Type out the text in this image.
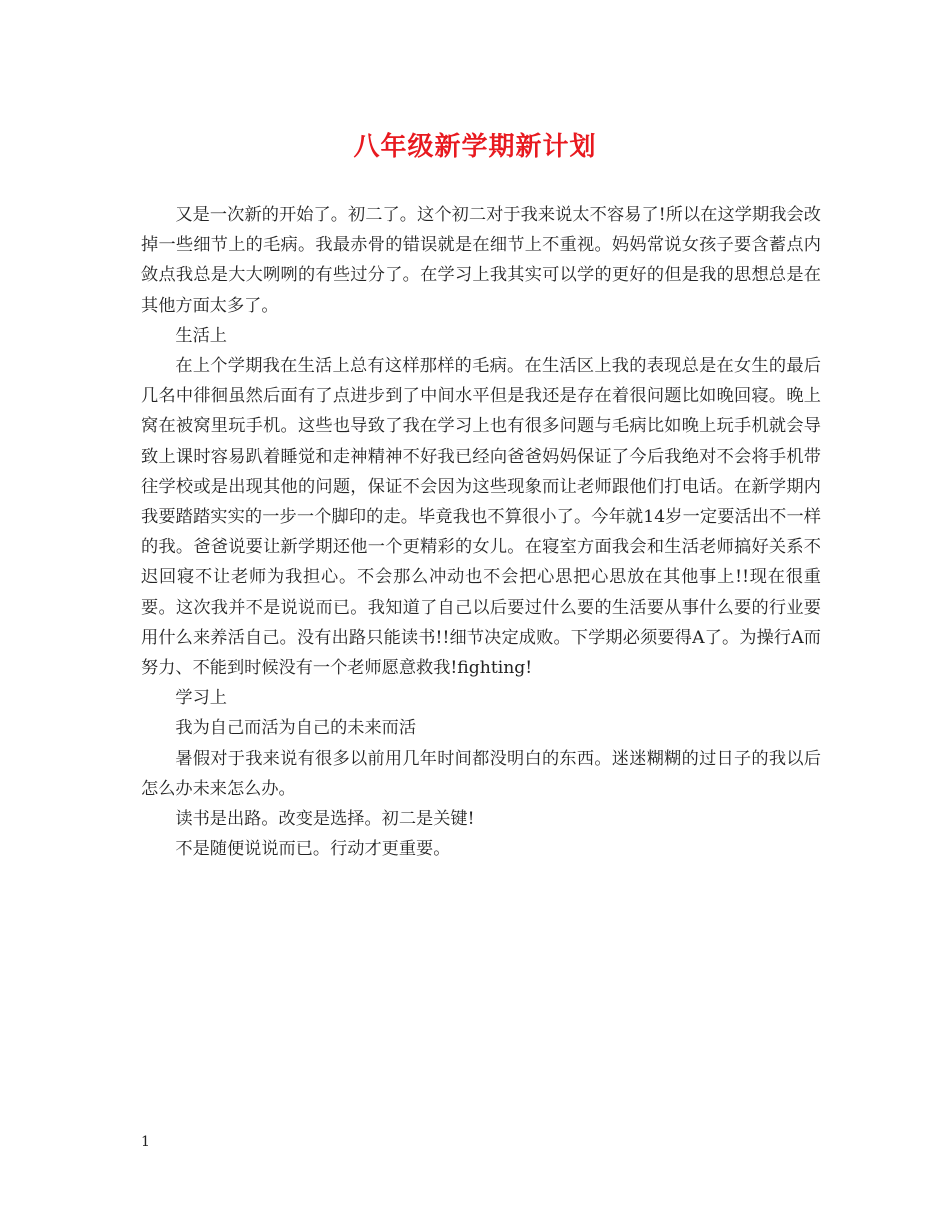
八年级新学期新计划

又是一次新的开始了。初二了。这个初二对于我来说太不容易了!所以在这学期我会改掉一些细节上的毛病。我最赤骨的错误就是在细节上不重视。妈妈常说女孩子要含蓄点内敛点我总是大大咧咧的有些过分了。在学习上我其实可以学的更好的但是我的思想总是在其他方面太多了。

生活上

在上个学期我在生活上总有这样那样的毛病。在生活区上我的表现总是在女生的最后几名中徘徊虽然后面有了点进步到了中间水平但是我还是存在着很问题比如晚回寝。晚上窝在被窝里玩手机。这些也导致了我在学习上也有很多问题与毛病比如晚上玩手机就会导致上课时容易趴着睡觉和走神精神不好我已经向爸爸妈妈保证了今后我绝对不会将手机带往学校或是出现其他的问题，保证不会因为这些现象而让老师跟他们打电话。在新学期内我要踏踏实实的一步一个脚印的走。毕竟我也不算很小了。今年就14岁一定要活出不一样的我。爸爸说要让新学期还他一个更精彩的女儿。在寝室方面我会和生活老师搞好关系不迟回寝不让老师为我担心。不会那么冲动也不会把心思把心思放在其他事上!!现在很重要。这次我并不是说说而已。我知道了自己以后要过什么要的生活要从事什么要的行业要用什么来养活自己。没有出路只能读书!!细节决定成败。下学期必须要得A了。为操行A而努力、不能到时候没有一个老师愿意救我!fighting!

学习上

我为自己而活为自己的未来而活

暑假对于我来说有很多以前用几年时间都没明白的东西。迷迷糊糊的过日子的我以后怎么办未来怎么办。

读书是出路。改变是选择。初二是关键!

不是随便说说而已。行动才更重要。

1
